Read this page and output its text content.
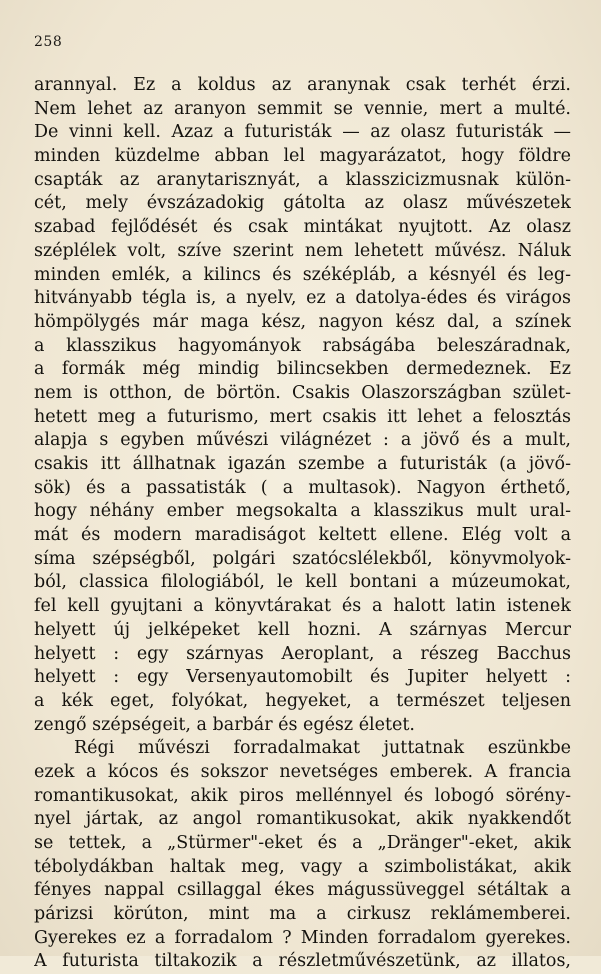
258
arannyal. Ez a koldus az aranynak csak terhét érzi.
Nem lehet az aranyon semmit se vennie, mert a multé.
De vinni kell. Azaz a futuristák — az olasz futuristák —
minden küzdelme abban lel magyarázatot, hogy földre
csapták az aranytarisznyát, a klasszicizmusnak külön-
cét, mely évszázadokig gátolta az olasz művészetek
szabad fejlődését és csak mintákat nyujtott. Az olasz
széplélek volt, szíve szerint nem lehetett művész. Náluk
minden emlék, a kilincs és széképláb, a késnyél és leg-
hitványabb tégla is, a nyelv, ez a datolya-édes és virágos
hömpölygés már maga kész, nagyon kész dal, a színek
a klasszikus hagyományok rabságába beleszáradnak,
a formák még mindig bilincsekben dermedeznek. Ez
nem is otthon, de börtön. Csakis Olaszországban szület-
hetett meg a futurismo, mert csakis itt lehet a felosztás
alapja s egyben művészi világnézet : a jövő és a mult,
csakis itt állhatnak igazán szembe a futuristák (a jövő-
sök) és a passatisták ( a multasok). Nagyon érthető,
hogy néhány ember megsokalta a klasszikus mult ural-
mát és modern maradiságot keltett ellene. Elég volt a
síma szépségből, polgári szatócslélekből, könyvmolyok-
ból, classica filologiából, le kell bontani a múzeumokat,
fel kell gyujtani a könyvtárakat és a halott latin istenek
helyett új jelképeket kell hozni. A szárnyas Mercur
helyett : egy szárnyas Aeroplant, a részeg Bacchus
helyett : egy Versenyautomobilt és Jupiter helyett :
a kék eget, folyókat, hegyeket, a természet teljesen
zengő szépségeit, a barbár és egész életet.
Régi művészi forradalmakat juttatnak eszünkbe
ezek a kócos és sokszor nevetséges emberek. A francia
romantikusokat, akik piros mellénnyel és lobogó sörény-
nyel jártak, az angol romantikusokat, akik nyakkendőt
se tettek, a „Stürmer"-eket és a „Dränger"-eket, akik
tébolydákban haltak meg, vagy a szimbolistákat, akik
fényes nappal csillaggal ékes mágussüveggel sétáltak a
párizsi körúton, mint ma a cirkusz reklámemberei.
Gyerekes ez a forradalom ? Minden forradalom gyerekes.
A futurista tiltakozik a részletművészetünk, az illatos,
